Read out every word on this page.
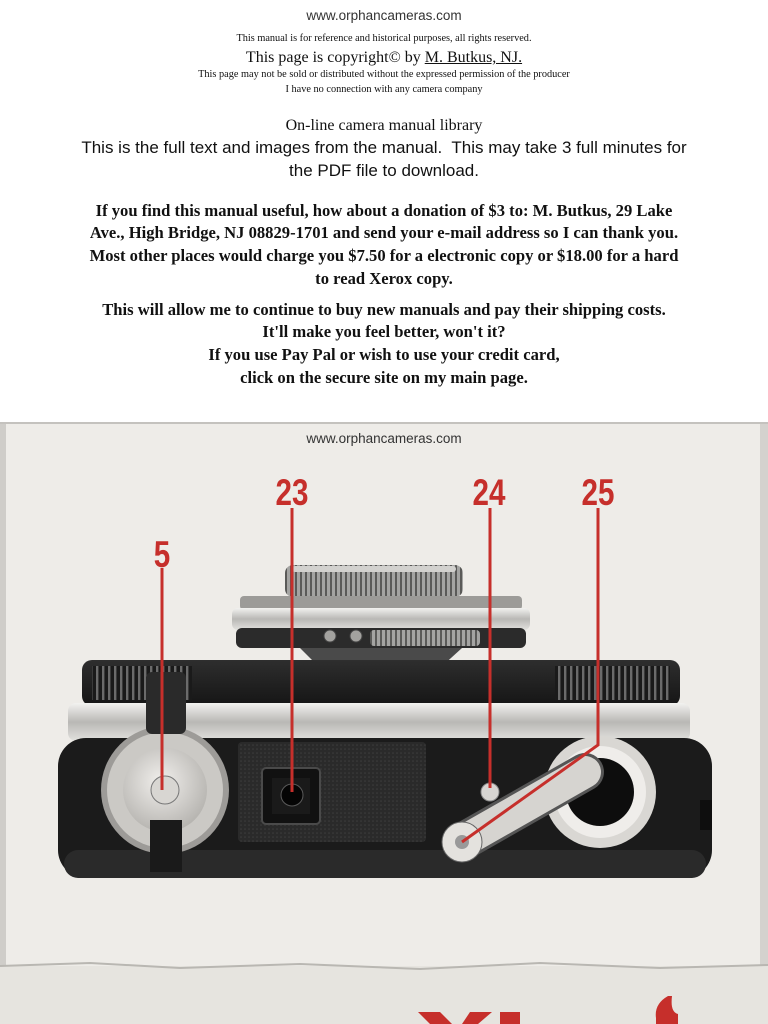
www.orphancameras.com
This manual is for reference and historical purposes, all rights reserved.
This page is copyright© by M. Butkus, NJ.
This page may not be sold or distributed without the expressed permission of the producer
I have no connection with any camera company
On-line camera manual library
This is the full text and images from the manual.  This may take 3 full minutes for
the PDF file to download.
If you find this manual useful, how about a donation of $3 to: M. Butkus, 29 Lake
Ave., High Bridge, NJ 08829-1701 and send your e-mail address so I can thank you.
Most other places would charge you $7.50 for a electronic copy or $18.00 for a hard
to read Xerox copy.
This will allow me to continue to buy new manuals and pay their shipping costs.
It'll make you feel better, won't it?
If you use Pay Pal or wish to use your credit card,
click on the secure site on my main page.
www.orphancameras.com
5
23	24 25
